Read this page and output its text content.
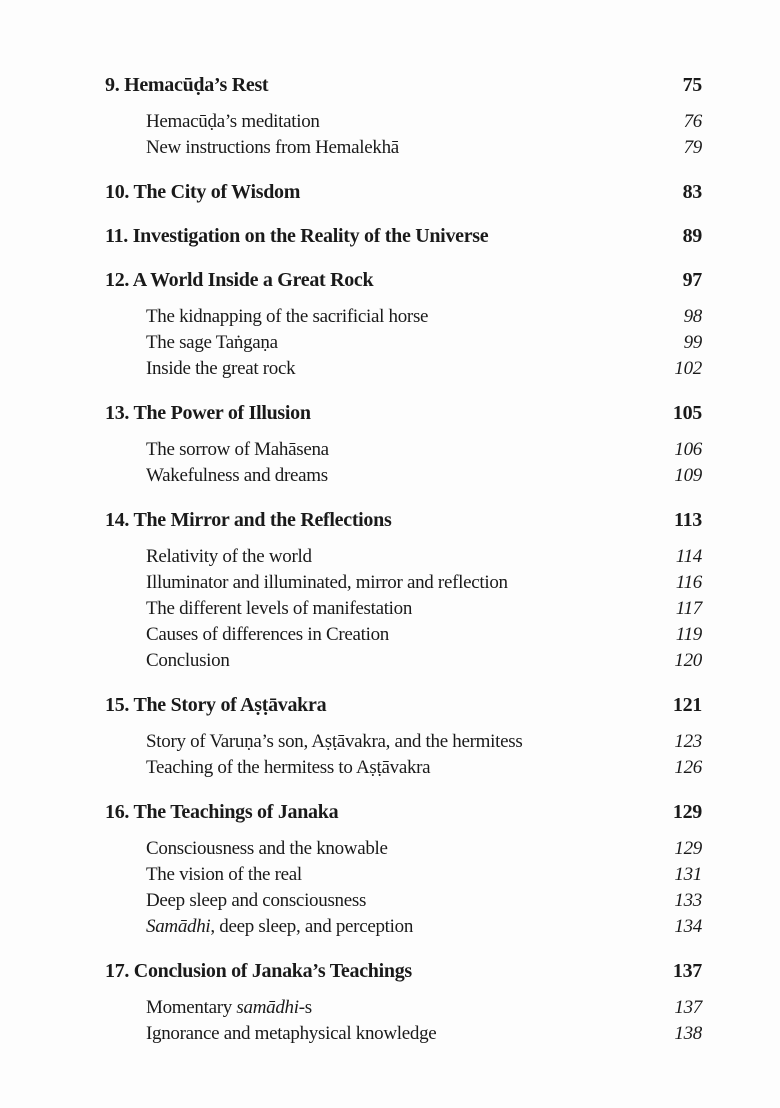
9. Hemacūḍa’s Rest	75
Hemacūḍa’s meditation	76
New instructions from Hemalekhā	79
10. The City of Wisdom	83
11. Investigation on the Reality of the Universe	89
12. A World Inside a Great Rock	97
The kidnapping of the sacrificial horse	98
The sage Taṅgaṇa	99
Inside the great rock	102
13. The Power of Illusion	105
The sorrow of Mahāsena	106
Wakefulness and dreams	109
14. The Mirror and the Reflections	113
Relativity of the world	114
Illuminator and illuminated, mirror and reflection	116
The different levels of manifestation	117
Causes of differences in Creation	119
Conclusion	120
15. The Story of Aṣṭāvakra	121
Story of Varuṇa’s son, Aṣṭāvakra, and the hermitess	123
Teaching of the hermitess to Aṣṭāvakra	126
16. The Teachings of Janaka	129
Consciousness and the knowable	129
The vision of the real	131
Deep sleep and consciousness	133
Samādhi, deep sleep, and perception	134
17. Conclusion of Janaka’s Teachings	137
Momentary samādhi-s	137
Ignorance and metaphysical knowledge	138
